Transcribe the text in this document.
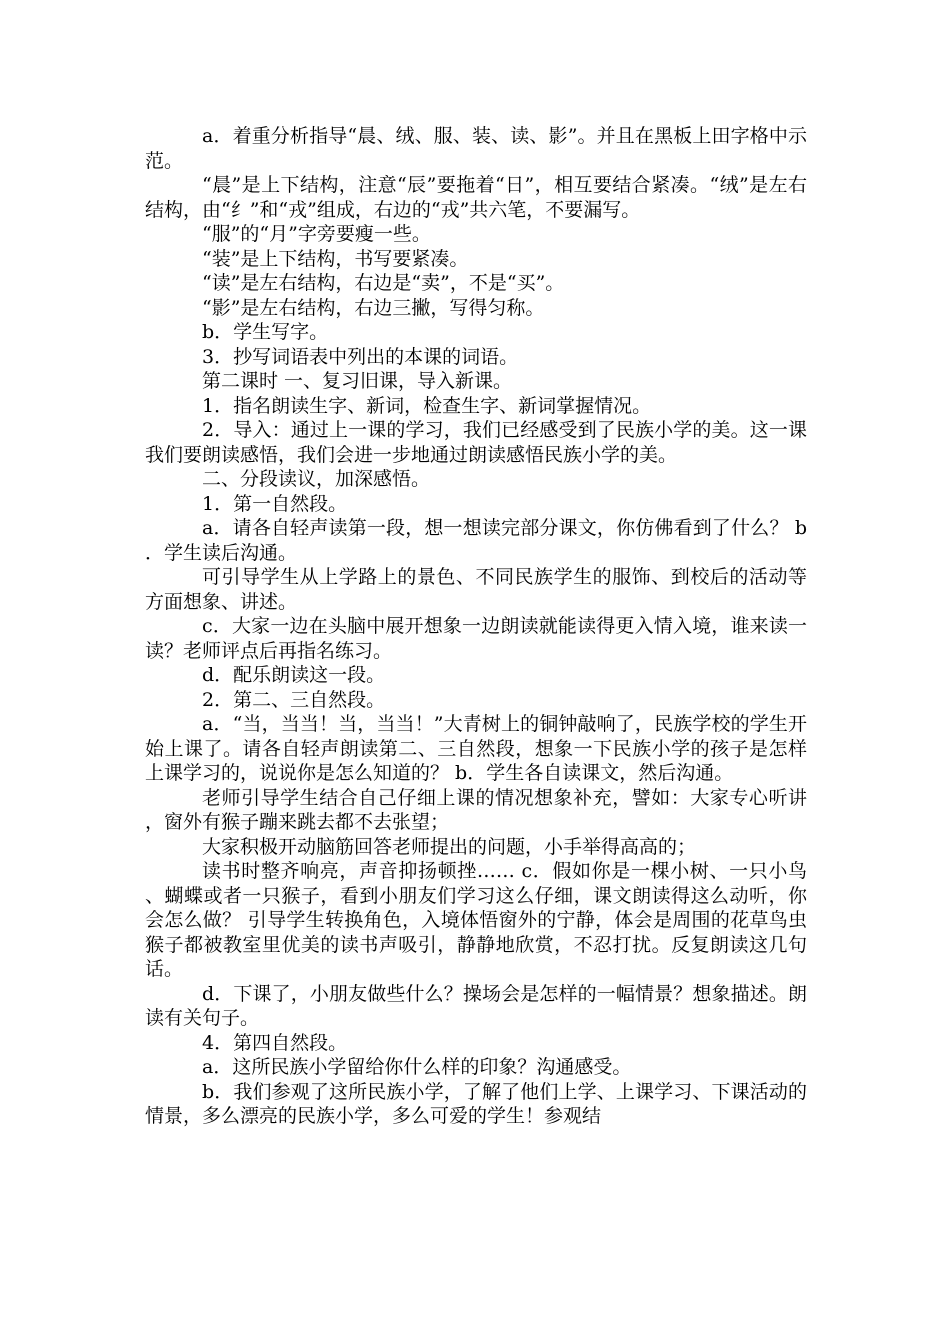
a．着重分析指导“晨、绒、服、装、读、影”。并且在黑板上田字格中示范。

“晨”是上下结构，注意“辰”要拖着“日”，相互要结合紧凑。“绒”是左右结构，由“纟”和“戎”组成，右边的“戎”共六笔，不要漏写。

“服”的“月”字旁要瘦一些。

“装”是上下结构，书写要紧凑。

“读”是左右结构，右边是“卖”，不是“买”。

“影”是左右结构，右边三撇，写得匀称。

b．学生写字。

3．抄写词语表中列出的本课的词语。

第二课时 一、复习旧课，导入新课。

1．指名朗读生字、新词，检查生字、新词掌握情况。

2．导入：通过上一课的学习，我们已经感受到了民族小学的美。这一课我们要朗读感悟，我们会进一步地通过朗读感悟民族小学的美。

二、分段读议，加深感悟。

1．第一自然段。

a．请各自轻声读第一段，想一想读完部分课文，你仿佛看到了什么？ b．学生读后沟通。

可引导学生从上学路上的景色、不同民族学生的服饰、到校后的活动等方面想象、讲述。

c．大家一边在头脑中展开想象一边朗读就能读得更入情入境，谁来读一读？老师评点后再指名练习。

d．配乐朗读这一段。

2．第二、三自然段。

a．“当，当当！当，当当！”大青树上的铜钟敲响了，民族学校的学生开始上课了。请各自轻声朗读第二、三自然段，想象一下民族小学的孩子是怎样上课学习的，说说你是怎么知道的？ b．学生各自读课文，然后沟通。

老师引导学生结合自己仔细上课的情况想象补充，譬如：大家专心听讲，窗外有猴子蹦来跳去都不去张望；

大家积极开动脑筋回答老师提出的问题，小手举得高高的；

读书时整齐响亮，声音抑扬顿挫…… c．假如你是一棵小树、一只小鸟、蝴蝶或者一只猴子，看到小朋友们学习这么仔细，课文朗读得这么动听，你会怎么做？ 引导学生转换角色，入境体悟窗外的宁静，体会是周围的花草鸟虫猴子都被教室里优美的读书声吸引，静静地欣赏，不忍打扰。反复朗读这几句话。

d．下课了，小朋友做些什么？操场会是怎样的一幅情景？想象描述。朗读有关句子。

4．第四自然段。

a．这所民族小学留给你什么样的印象？沟通感受。

b．我们参观了这所民族小学，了解了他们上学、上课学习、下课活动的情景，多么漂亮的民族小学，多么可爱的学生！参观结
